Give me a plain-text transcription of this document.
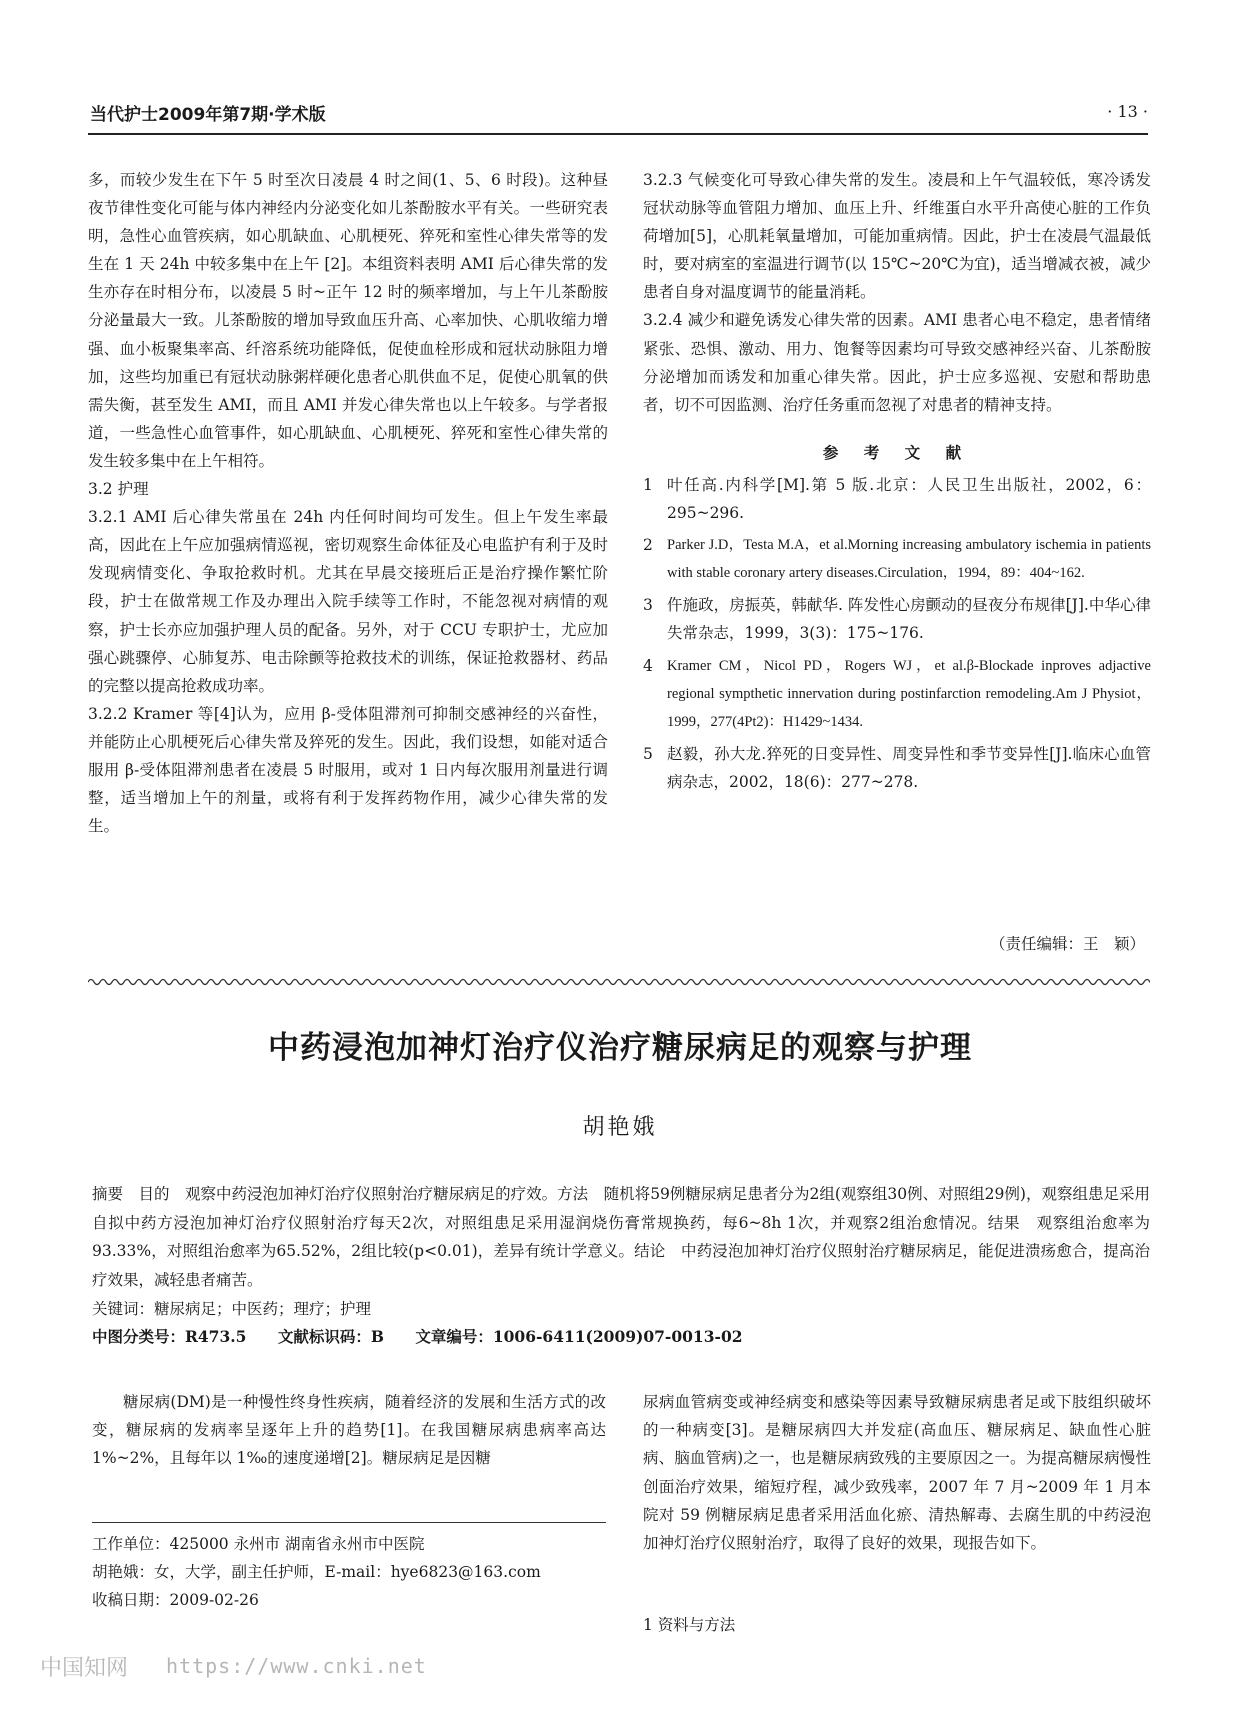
当代护士2009年第7期·学术版	· 13 ·

多，而较少发生在下午 5 时至次日凌晨 4 时之间(1、5、6 时段)。这种昼夜节律性变化可能与体内神经内分泌变化如儿茶酚胺水平有关。一些研究表明，急性心血管疾病，如心肌缺血、心肌梗死、猝死和室性心律失常等的发生在 1 天 24h 中较多集中在上午 [2]。本组资料表明 AMI 后心律失常的发生亦存在时相分布，以凌晨 5 时~正午 12 时的频率增加，与上午儿茶酚胺分泌量最大一致。儿茶酚胺的增加导致血压升高、心率加快、心肌收缩力增强、血小板聚集率高、纤溶系统功能降低，促使血栓形成和冠状动脉阻力增加，这些均加重已有冠状动脉粥样硬化患者心肌供血不足，促使心肌氧的供需失衡，甚至发生 AMI，而且 AMI 并发心律失常也以上午较多。与学者报道，一些急性心血管事件，如心肌缺血、心肌梗死、猝死和室性心律失常的发生较多集中在上午相符。

3.2 护理

3.2.1 AMI 后心律失常虽在 24h 内任何时间均可发生。但上午发生率最高，因此在上午应加强病情巡视，密切观察生命体征及心电监护有利于及时发现病情变化、争取抢救时机。尤其在早晨交接班后正是治疗操作繁忙阶段，护士在做常规工作及办理出入院手续等工作时，不能忽视对病情的观察，护士长亦应加强护理人员的配备。另外，对于 CCU 专职护士，尤应加强心跳骤停、心肺复苏、电击除颤等抢救技术的训练，保证抢救器材、药品的完整以提高抢救成功率。

3.2.2 Kramer 等[4]认为，应用 β-受体阻滞剂可抑制交感神经的兴奋性，并能防止心肌梗死后心律失常及猝死的发生。因此，我们设想，如能对适合服用 β-受体阻滞剂患者在凌晨 5 时服用，或对 1 日内每次服用剂量进行调整，适当增加上午的剂量，或将有利于发挥药物作用，减少心律失常的发生。

3.2.3 气候变化可导致心律失常的发生。凌晨和上午气温较低，寒冷诱发冠状动脉等血管阻力增加、血压上升、纤维蛋白水平升高使心脏的工作负荷增加[5]，心肌耗氧量增加，可能加重病情。因此，护士在凌晨气温最低时，要对病室的室温进行调节(以 15℃~20℃为宜)，适当增减衣被，减少患者自身对温度调节的能量消耗。

3.2.4 减少和避免诱发心律失常的因素。AMI 患者心电不稳定，患者情绪紧张、恐惧、激动、用力、饱餐等因素均可导致交感神经兴奋、儿茶酚胺分泌增加而诱发和加重心律失常。因此，护士应多巡视、安慰和帮助患者，切不可因监测、治疗任务重而忽视了对患者的精神支持。

参 考 文 献

1 叶任高.内科学[M].第 5 版.北京：人民卫生出版社，2002，6：295~296.
2 Parker J.D，Testa M.A，et al.Morning increasing ambulatory ischemia in patients with stable coronary artery diseases.Circulation，1994，89：404~162.
3 仵施政，房振英，韩献华. 阵发性心房颤动的昼夜分布规律[J].中华心律失常杂志，1999，3(3)：175~176.
4 Kramer CM，Nicol PD，Rogers WJ，et al.β-Blockade inproves adjactive regional sympthetic innervation during postinfarction remodeling.Am J Physiot，1999，277(4Pt2)：H1429~1434.
5 赵毅，孙大龙.猝死的日变异性、周变异性和季节变异性[J].临床心血管病杂志，2002，18(6)：277~278.
（责任编辑：王　颖）
中药浸泡加神灯治疗仪治疗糖尿病足的观察与护理
胡艳娥

摘要　目的　观察中药浸泡加神灯治疗仪照射治疗糖尿病足的疗效。方法　随机将59例糖尿病足患者分为2组(观察组30例、对照组29例)，观察组患足采用自拟中药方浸泡加神灯治疗仪照射治疗每天2次，对照组患足采用湿润烧伤膏常规换药，每6~8h 1次，并观察2组治愈情况。结果　观察组治愈率为93.33%，对照组治愈率为65.52%，2组比较(p<0.01)，差异有统计学意义。结论　中药浸泡加神灯治疗仪照射治疗糖尿病足，能促进溃疡愈合，提高治疗效果，减轻患者痛苦。

关键词：糖尿病足；中医药；理疗；护理
中图分类号：R473.5 文献标识码：B 文章编号：1006-6411(2009)07-0013-02

糖尿病(DM)是一种慢性终身性疾病，随着经济的发展和生活方式的改变，糖尿病的发病率呈逐年上升的趋势[1]。在我国糖尿病患病率高达 1%~2%，且每年以 1‰的速度递增[2]。糖尿病足是因糖

尿病血管病变或神经病变和感染等因素导致糖尿病患者足或下肢组织破坏的一种病变[3]。是糖尿病四大并发症(高血压、糖尿病足、缺血性心脏病、脑血管病)之一，也是糖尿病致残的主要原因之一。为提高糖尿病慢性创面治疗效果，缩短疗程，减少致残率，2007 年 7 月~2009 年 1 月本院对 59 例糖尿病足患者采用活血化瘀、清热解毒、去腐生肌的中药浸泡加神灯治疗仪照射治疗，取得了良好的效果，现报告如下。

工作单位：425000 永州市 湖南省永州市中医院

胡艳娥：女，大学，副主任护师，E-mail：hye6823@163.com

收稿日期：2009-02-26

1 资料与方法
中国知网 https://www.cnki.net
